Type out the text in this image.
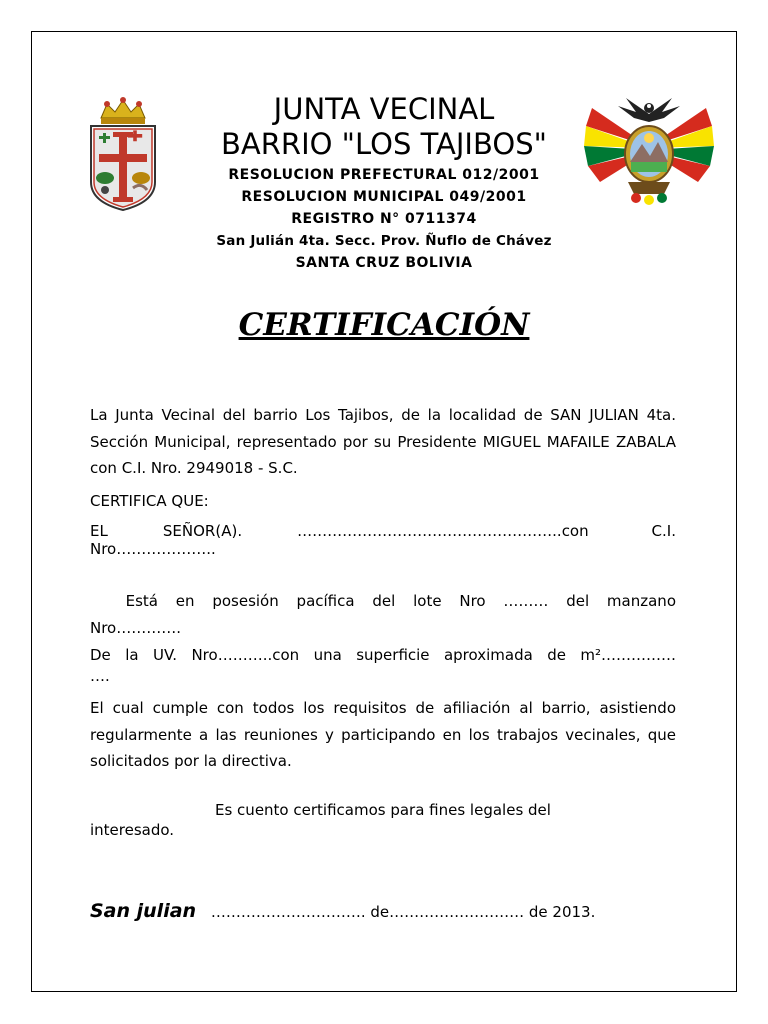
JUNTA VECINAL
BARRIO "LOS TAJIBOS"
RESOLUCION PREFECTURAL 012/2001
RESOLUCION MUNICIPAL 049/2001
REGISTRO N° 0711374
San Julián 4ta. Secc. Prov. Ñuflo de Chávez
SANTA CRUZ BOLIVIA
CERTIFICACIÓN
La Junta Vecinal del barrio Los Tajibos, de la localidad de SAN JULIAN 4ta. Sección Municipal, representado por su Presidente MIGUEL MAFAILE ZABALA con C.I. Nro. 2949018 - S.C.
CERTIFICA QUE:
EL       SEÑOR(A).       ……………………………………………..con        C.I.
Nro………………..
Está en posesión pacífica del lote Nro ……… del manzano
Nro………….
De la UV. Nro………..con una superficie aproximada de m²……………
….
El cual cumple con todos los requisitos de afiliación al barrio, asistiendo regularmente a las reuniones y participando en los trabajos vecinales, que solicitados por la directiva.
Es cuento certificamos para fines legales del
interesado.
San julian …………………………. de……………………… de 2013.
